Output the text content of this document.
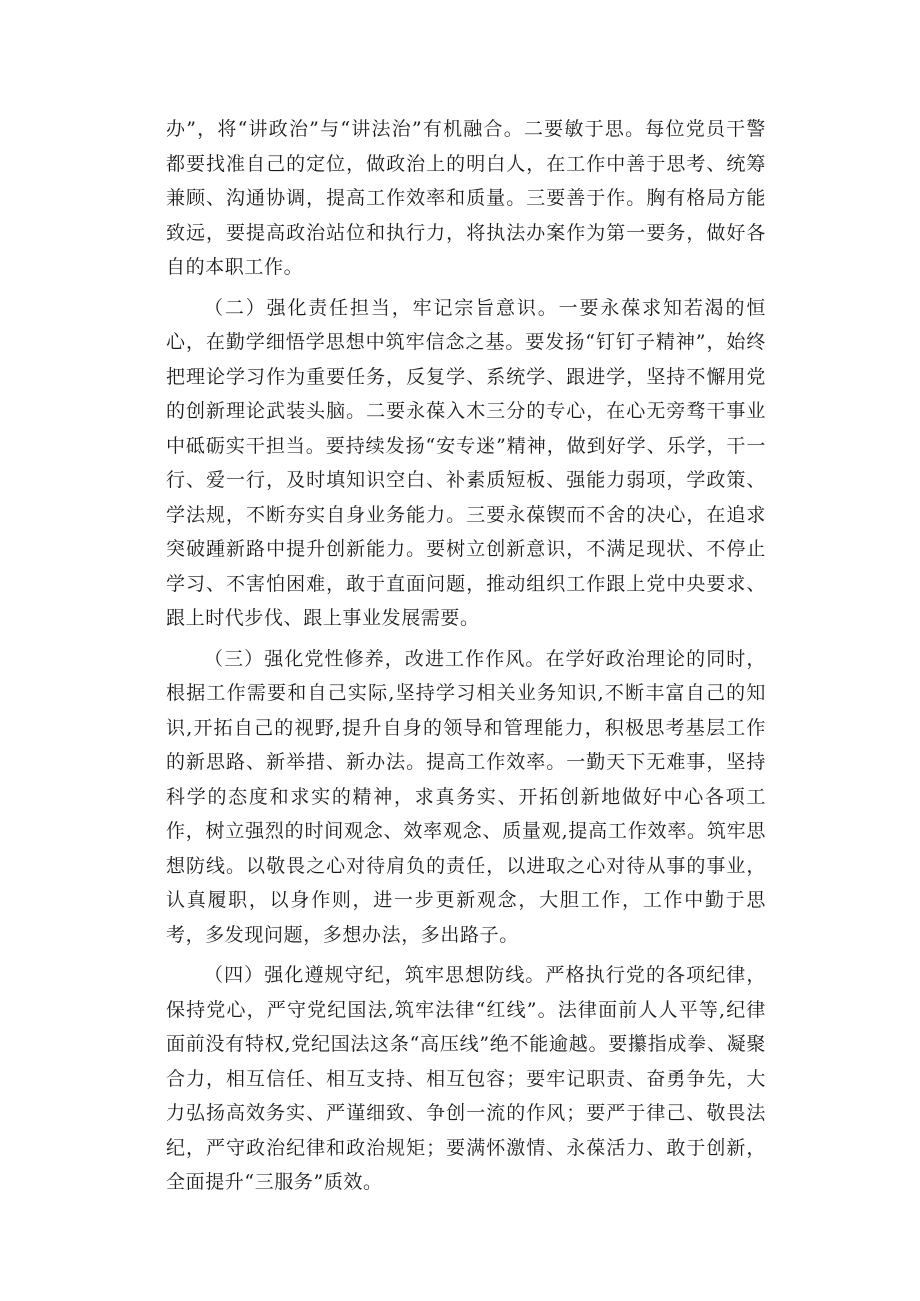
办”，将“讲政治”与“讲法治”有机融合。二要敏于思。每位党员干警都要找准自己的定位，做政治上的明白人，在工作中善于思考、统筹兼顾、沟通协调，提高工作效率和质量。三要善于作。胸有格局方能致远，要提高政治站位和执行力，将执法办案作为第一要务，做好各自的本职工作。

（二）强化责任担当，牢记宗旨意识。一要永葆求知若渴的恒心，在勤学细悟学思想中筑牢信念之基。要发扬“钉钉子精神”，始终把理论学习作为重要任务，反复学、系统学、跟进学，坚持不懈用党的创新理论武装头脑。二要永葆入木三分的专心，在心无旁骛干事业中砥砺实干担当。要持续发扬“安专迷”精神，做到好学、乐学，干一行、爱一行，及时填知识空白、补素质短板、强能力弱项，学政策、学法规，不断夯实自身业务能力。三要永葆锲而不舍的决心，在追求突破踵新路中提升创新能力。要树立创新意识，不满足现状、不停止学习、不害怕困难，敢于直面问题，推动组织工作跟上党中央要求、跟上时代步伐、跟上事业发展需要。

（三）强化党性修养，改进工作作风。在学好政治理论的同时，根据工作需要和自己实际,坚持学习相关业务知识,不断丰富自己的知识,开拓自己的视野,提升自身的领导和管理能力，积极思考基层工作的新思路、新举措、新办法。提高工作效率。一勤天下无难事，坚持科学的态度和求实的精神，求真务实、开拓创新地做好中心各项工作，树立强烈的时间观念、效率观念、质量观,提高工作效率。筑牢思想防线。以敬畏之心对待肩负的责任，以进取之心对待从事的事业，认真履职，以身作则，进一步更新观念，大胆工作，工作中勤于思考，多发现问题，多想办法，多出路子。

（四）强化遵规守纪，筑牢思想防线。严格执行党的各项纪律，保持党心，严守党纪国法,筑牢法律“红线”。法律面前人人平等,纪律面前没有特权,党纪国法这条“高压线”绝不能逾越。要攥指成拳、凝聚合力，相互信任、相互支持、相互包容；要牢记职责、奋勇争先，大力弘扬高效务实、严谨细致、争创一流的作风；要严于律己、敬畏法纪，严守政治纪律和政治规矩；要满怀激情、永葆活力、敢于创新，全面提升“三服务”质效。
